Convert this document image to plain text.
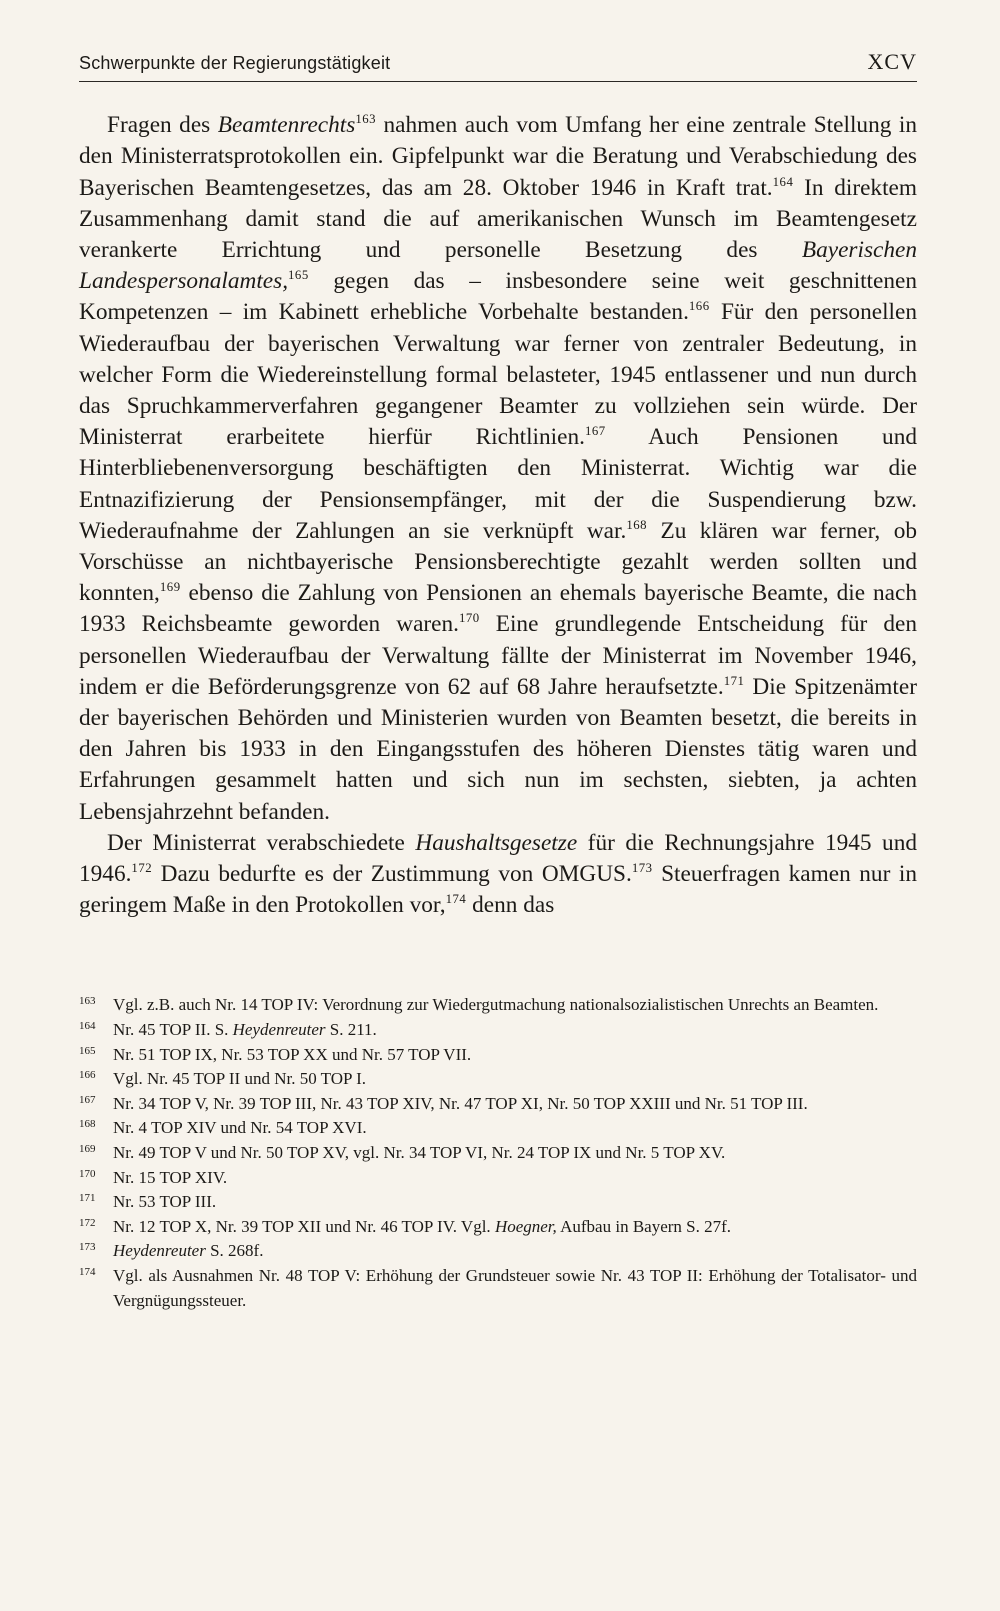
Schwerpunkte der Regierungstätigkeit	XCV

Fragen des Beamtenrechts$^{163}$ nahmen auch vom Umfang her eine zentrale Stellung in den Ministerratsprotokollen ein. Gipfelpunkt war die Beratung und Verabschiedung des Bayerischen Beamtengesetzes, das am 28. Oktober 1946 in Kraft trat.$^{164}$ In direktem Zusammenhang damit stand die auf amerikanischen Wunsch im Beamtengesetz verankerte Errichtung und personelle Besetzung des Bayerischen Landespersonalamtes,$^{165}$ gegen das – insbesondere seine weit geschnittenen Kompetenzen – im Kabinett erhebliche Vorbehalte bestanden.$^{166}$ Für den personellen Wiederaufbau der bayerischen Verwaltung war ferner von zentraler Bedeutung, in welcher Form die Wiedereinstellung formal belasteter, 1945 entlassener und nun durch das Spruchkammerverfahren gegangener Beamter zu vollziehen sein würde. Der Ministerrat erarbeitete hierfür Richtlinien.$^{167}$ Auch Pensionen und Hinterbliebenenversorgung beschäftigten den Ministerrat. Wichtig war die Entnazifizierung der Pensionsempfänger, mit der die Suspendierung bzw. Wiederaufnahme der Zahlungen an sie verknüpft war.$^{168}$ Zu klären war ferner, ob Vorschüsse an nichtbayerische Pensionsberechtigte gezahlt werden sollten und konnten,$^{169}$ ebenso die Zahlung von Pensionen an ehemals bayerische Beamte, die nach 1933 Reichsbeamte geworden waren.$^{170}$ Eine grundlegende Entscheidung für den personellen Wiederaufbau der Verwaltung fällte der Ministerrat im November 1946, indem er die Beförderungsgrenze von 62 auf 68 Jahre heraufsetzte.$^{171}$ Die Spitzenämter der bayerischen Behörden und Ministerien wurden von Beamten besetzt, die bereits in den Jahren bis 1933 in den Eingangsstufen des höheren Dienstes tätig waren und Erfahrungen gesammelt hatten und sich nun im sechsten, siebten, ja achten Lebensjahrzehnt befanden.

Der Ministerrat verabschiedete Haushaltsgesetze für die Rechnungsjahre 1945 und 1946.$^{172}$ Dazu bedurfte es der Zustimmung von OMGUS.$^{173}$ Steuerfragen kamen nur in geringem Maße in den Protokollen vor,$^{174}$ denn das

163	Vgl. z.B. auch Nr. 14 TOP IV: Verordnung zur Wiedergutmachung nationalsozialistischen Unrechts an Beamten.
164	Nr. 45 TOP II. S. Heydenreuter S. 211.
165	Nr. 51 TOP IX, Nr. 53 TOP XX und Nr. 57 TOP VII.
166	Vgl. Nr. 45 TOP II und Nr. 50 TOP I.
167	Nr. 34 TOP V, Nr. 39 TOP III, Nr. 43 TOP XIV, Nr. 47 TOP XI, Nr. 50 TOP XXIII und Nr. 51 TOP III.
168	Nr. 4 TOP XIV und Nr. 54 TOP XVI.
169	Nr. 49 TOP V und Nr. 50 TOP XV, vgl. Nr. 34 TOP VI, Nr. 24 TOP IX und Nr. 5 TOP XV.
170	Nr. 15 TOP XIV.
171	Nr. 53 TOP III.
172	Nr. 12 TOP X, Nr. 39 TOP XII und Nr. 46 TOP IV. Vgl. Hoegner, Aufbau in Bayern S. 27f.
173	Heydenreuter S. 268f.
174	Vgl. als Ausnahmen Nr. 48 TOP V: Erhöhung der Grundsteuer sowie Nr. 43 TOP II: Erhöhung der Totalisator- und Vergnügungssteuer.
